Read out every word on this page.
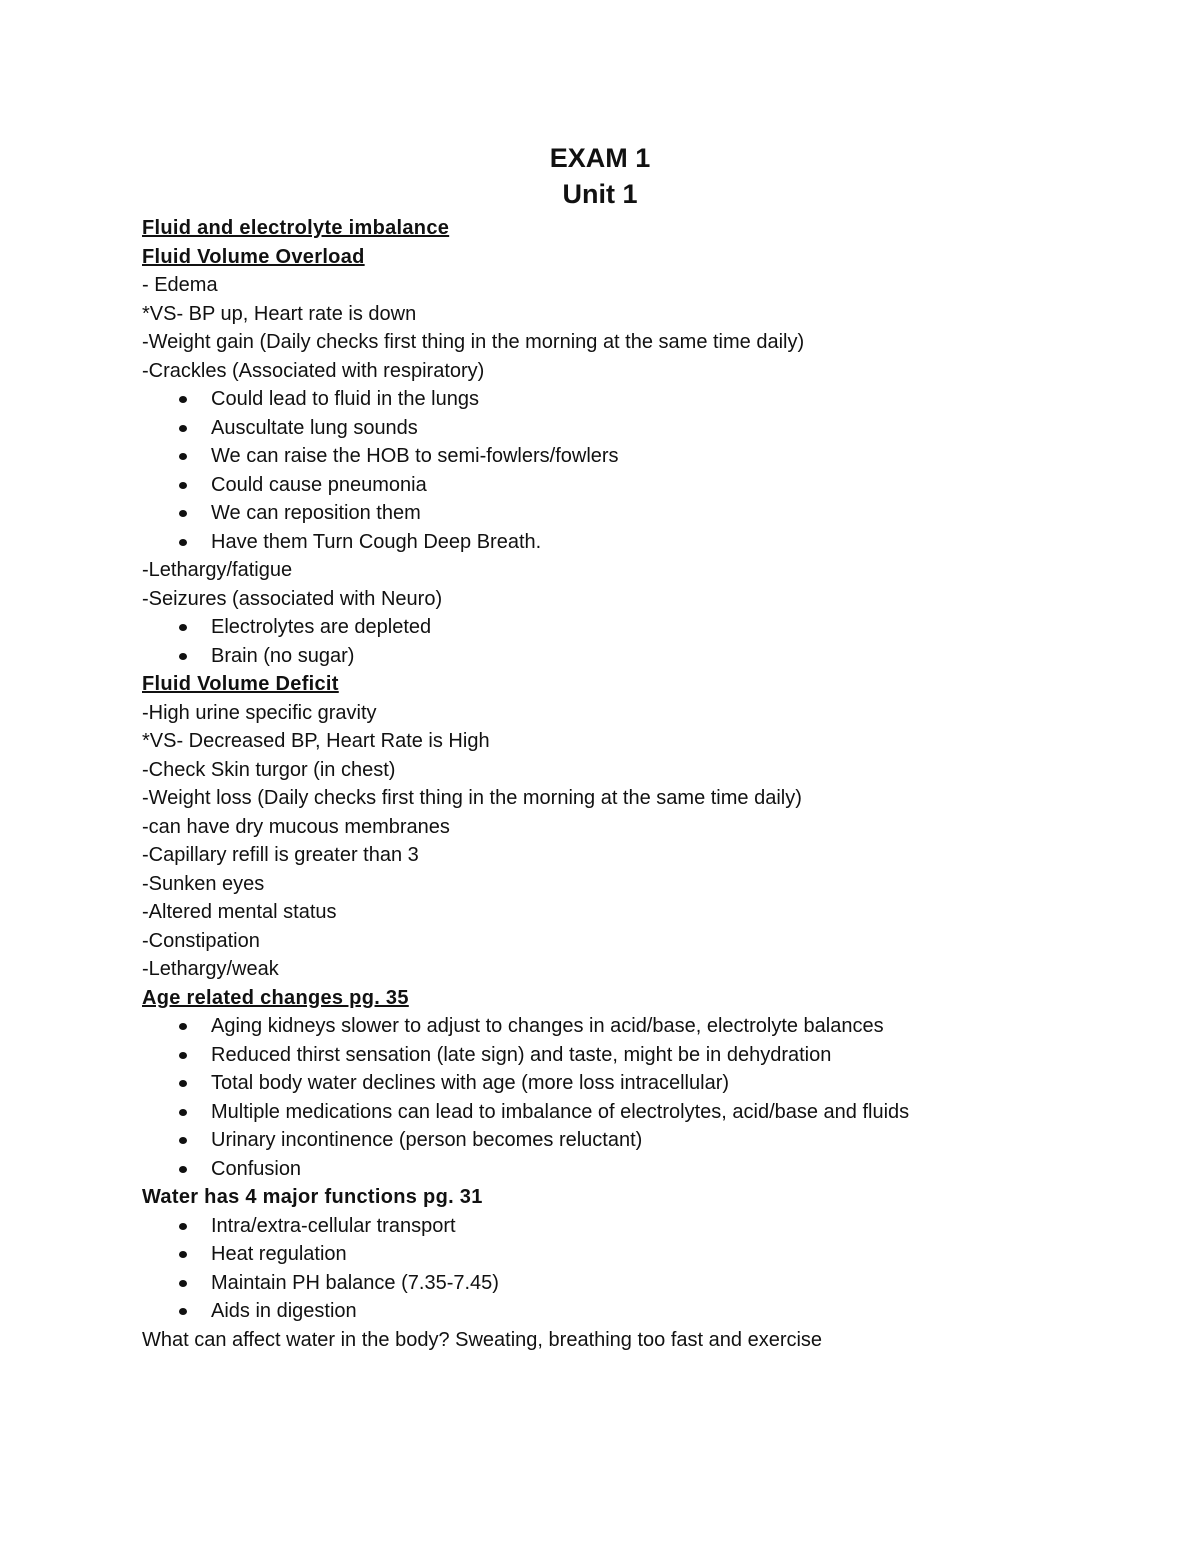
EXAM 1
Unit 1
Fluid and electrolyte imbalance
Fluid Volume Overload
- Edema
*VS- BP up, Heart rate is down
-Weight gain (Daily checks first thing in the morning at the same time daily)
-Crackles (Associated with respiratory)
Could lead to fluid in the lungs
Auscultate lung sounds
We can raise the HOB to semi-fowlers/fowlers
Could cause pneumonia
We can reposition them
Have them Turn Cough Deep Breath.
-Lethargy/fatigue
-Seizures (associated with Neuro)
Electrolytes are depleted
Brain (no sugar)
Fluid Volume Deficit
-High urine specific gravity
*VS- Decreased BP, Heart Rate is High
-Check Skin turgor (in chest)
-Weight loss (Daily checks first thing in the morning at the same time daily)
-can have dry mucous membranes
-Capillary refill is greater than 3
-Sunken eyes
-Altered mental status
-Constipation
-Lethargy/weak
Age related changes pg. 35
Aging kidneys slower to adjust to changes in acid/base, electrolyte balances
Reduced thirst sensation (late sign) and taste, might be in dehydration
Total body water declines with age (more loss intracellular)
Multiple medications can lead to imbalance of electrolytes, acid/base and fluids
Urinary incontinence (person becomes reluctant)
Confusion
Water has 4 major functions pg. 31
Intra/extra-cellular transport
Heat regulation
Maintain PH balance (7.35-7.45)
Aids in digestion
What can affect water in the body? Sweating, breathing too fast and exercise
